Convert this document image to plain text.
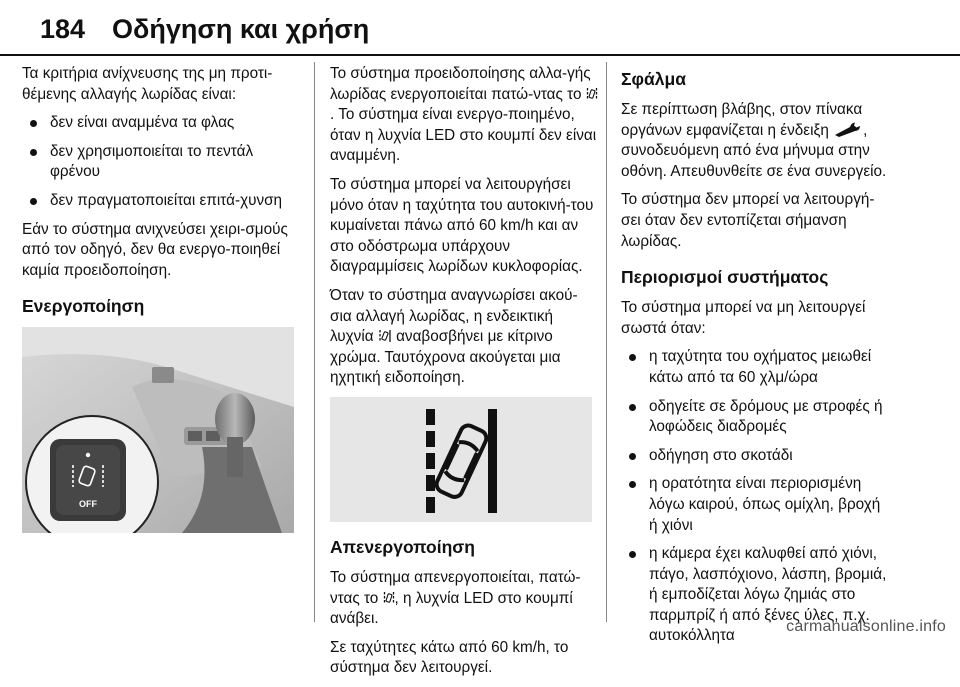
184 Οδήγηση και χρήση

Τα κριτήρια ανίχνευσης της μη προτι-θέμενης αλλαγής λωρίδας είναι:

δεν είναι αναμμένα τα φλας
δεν χρησιμοποιείται το πεντάλ φρένου
δεν πραγματοποιείται επιτά-χυνση

Εάν το σύστημα ανιχνεύσει χειρι-σμούς από τον οδηγό, δεν θα ενεργο-ποιηθεί καμία προειδοποίηση.

Ενεργοποίηση
OFF

Το σύστημα προειδοποίησης αλλα-γής λωρίδας ενεργοποιείται πατώ-ντας το . Το σύστημα είναι ενεργο-ποιημένο, όταν η λυχνία LED στο κουμπί δεν είναι αναμμένη.

Το σύστημα μπορεί να λειτουργήσει μόνο όταν η ταχύτητα του αυτοκινή-του κυμαίνεται πάνω από 60 km/h και αν στο οδόστρωμα υπάρχουν διαγραμμίσεις λωρίδων κυκλοφορίας.

Όταν το σύστημα αναγνωρίσει ακού-σια αλλαγή λωρίδας, η ενδεικτική λυχνία αναβοσβήνει με κίτρινο χρώμα. Ταυτόχρονα ακούγεται μια ηχητική ειδοποίηση.

Απενεργοποίηση

Το σύστημα απενεργοποιείται, πατώ-ντας το , η λυχνία LED στο κουμπί ανάβει.

Σε ταχύτητες κάτω από 60 km/h, το σύστημα δεν λειτουργεί.

Σφάλμα

Σε περίπτωση βλάβης, στον πίνακα οργάνων εμφανίζεται η ένδειξη , συνοδευόμενη από ένα μήνυμα στην οθόνη. Απευθυνθείτε σε ένα συνεργείο.

Το σύστημα δεν μπορεί να λειτουργή-σει όταν δεν εντοπίζεται σήμανση λωρίδας.

Περιορισμοί συστήματος

Το σύστημα μπορεί να μη λειτουργεί σωστά όταν:

η ταχύτητα του οχήματος μειωθεί κάτω από τα 60 χλμ/ώρα
οδηγείτε σε δρόμους με στροφές ή λοφώδεις διαδρομές
οδήγηση στο σκοτάδι
η ορατότητα είναι περιορισμένη λόγω καιρού, όπως ομίχλη, βροχή ή χιόνι
η κάμερα έχει καλυφθεί από χιόνι, πάγο, λασπόχιονο, λάσπη, βρομιά, ή εμποδίζεται λόγω ζημιάς στο παρμπρίζ ή από ξένες ύλες, π.χ. αυτοκόλλητα
carmanualsonline.info
